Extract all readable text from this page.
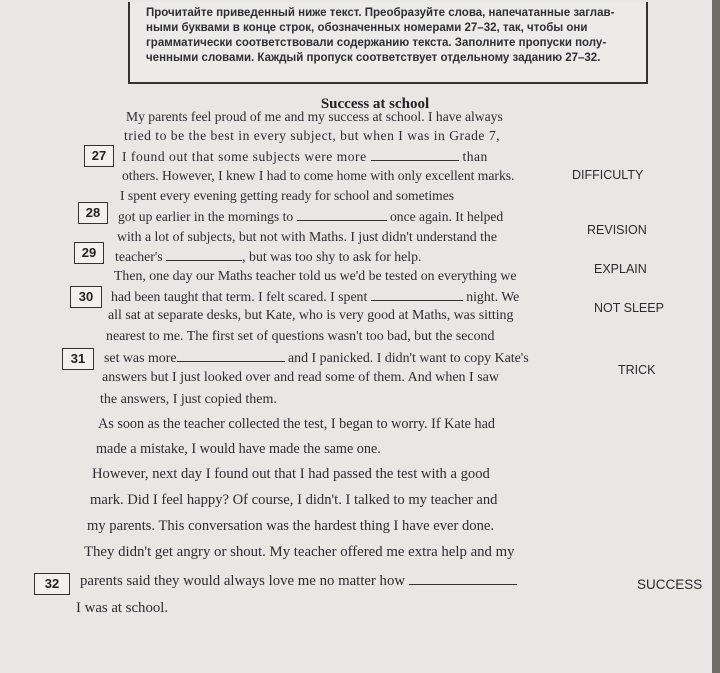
Прочитайте приведенный ниже текст. Преобразуйте слова, напечатанные заглав-
ными буквами в конце строк, обозначенных номерами 27–32, так, чтобы они
грамматически соответствовали содержанию текста. Заполните пропуски полу-
ченными словами. Каждый пропуск соответствует отдельному заданию 27–32.
Success at school
My parents feel proud of me and my success at school. I have always
tried to be the best in every subject, but when I was in Grade 7,
27	I found out that some subjects were more	than
DIFFICULTY
others. However, I knew I had to come home with only excellent marks.
I spent every evening getting ready for school and sometimes
28	got up earlier in the mornings to	once again. It helped
REVISION
with a lot of subjects, but not with Maths. I just didn't understand the
29	teacher's	, but was too shy to ask for help.
EXPLAIN
Then, one day our Maths teacher told us we'd be tested on everything we
30	had been taught that term. I felt scared. I spent	night. We
NOT SLEEP
all sat at separate desks, but Kate, who is very good at Maths, was sitting
nearest to me. The first set of questions wasn't too bad, but the second
31	set was more	and I panicked. I didn't want to copy Kate's
TRICK
answers but I just looked over and read some of them. And when I saw
the answers, I just copied them.
As soon as the teacher collected the test, I began to worry. If Kate had
made a mistake, I would have made the same one.
However, next day I found out that I had passed the test with a good
mark. Did I feel happy? Of course, I didn't. I talked to my teacher and
my parents. This conversation was the hardest thing I have ever done.
They didn't get angry or shout. My teacher offered me extra help and my
32	parents said they would always love me no matter how	SUCCESS
I was at school.
